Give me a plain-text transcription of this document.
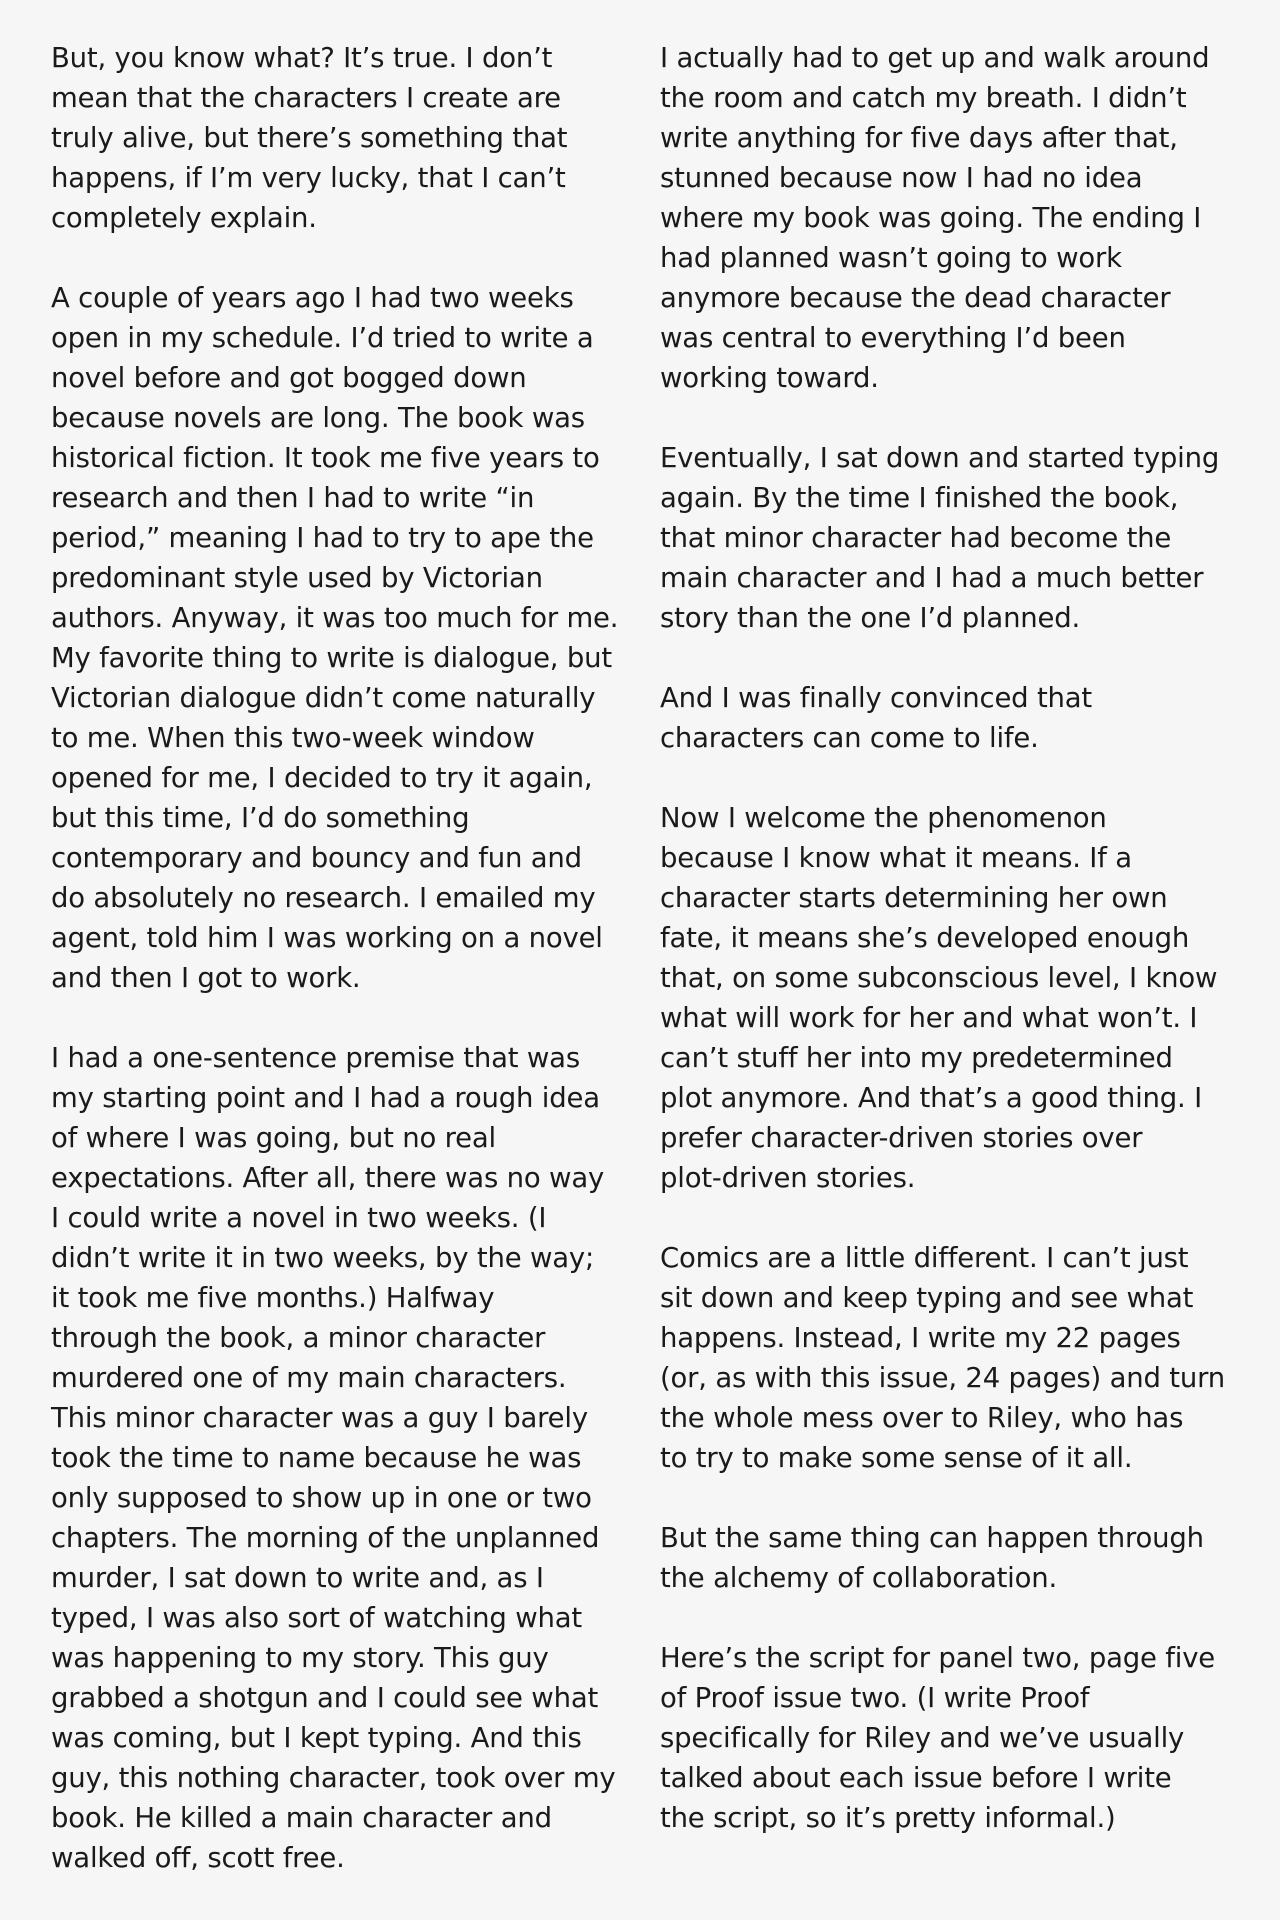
But, you know what? It’s true. I don’t
mean that the characters I create are
truly alive, but there’s something that
happens, if I’m very lucky, that I can’t
completely explain.
A couple of years ago I had two weeks
open in my schedule. I’d tried to write a
novel before and got bogged down
because novels are long. The book was
historical fiction. It took me five years to
research and then I had to write “in
period,” meaning I had to try to ape the
predominant style used by Victorian
authors. Anyway, it was too much for me.
My favorite thing to write is dialogue, but
Victorian dialogue didn’t come naturally
to me. When this two-week window
opened for me, I decided to try it again,
but this time, I’d do something
contemporary and bouncy and fun and
do absolutely no research. I emailed my
agent, told him I was working on a novel
and then I got to work.
I had a one-sentence premise that was
my starting point and I had a rough idea
of where I was going, but no real
expectations. After all, there was no way
I could write a novel in two weeks. (I
didn’t write it in two weeks, by the way;
it took me five months.) Halfway
through the book, a minor character
murdered one of my main characters.
This minor character was a guy I barely
took the time to name because he was
only supposed to show up in one or two
chapters. The morning of the unplanned
murder, I sat down to write and, as I
typed, I was also sort of watching what
was happening to my story. This guy
grabbed a shotgun and I could see what
was coming, but I kept typing. And this
guy, this nothing character, took over my
book. He killed a main character and
walked off, scott free.
I actually had to get up and walk around
the room and catch my breath. I didn’t
write anything for five days after that,
stunned because now I had no idea
where my book was going. The ending I
had planned wasn’t going to work
anymore because the dead character
was central to everything I’d been
working toward.
Eventually, I sat down and started typing
again. By the time I finished the book,
that minor character had become the
main character and I had a much better
story than the one I’d planned.
And I was finally convinced that
characters can come to life.
Now I welcome the phenomenon
because I know what it means. If a
character starts determining her own
fate, it means she’s developed enough
that, on some subconscious level, I know
what will work for her and what won’t. I
can’t stuff her into my predetermined
plot anymore. And that’s a good thing. I
prefer character-driven stories over
plot-driven stories.
Comics are a little different. I can’t just
sit down and keep typing and see what
happens. Instead, I write my 22 pages
(or, as with this issue, 24 pages) and turn
the whole mess over to Riley, who has
to try to make some sense of it all.
But the same thing can happen through
the alchemy of collaboration.
Here’s the script for panel two, page five
of Proof issue two. (I write Proof
specifically for Riley and we’ve usually
talked about each issue before I write
the script, so it’s pretty informal.)
